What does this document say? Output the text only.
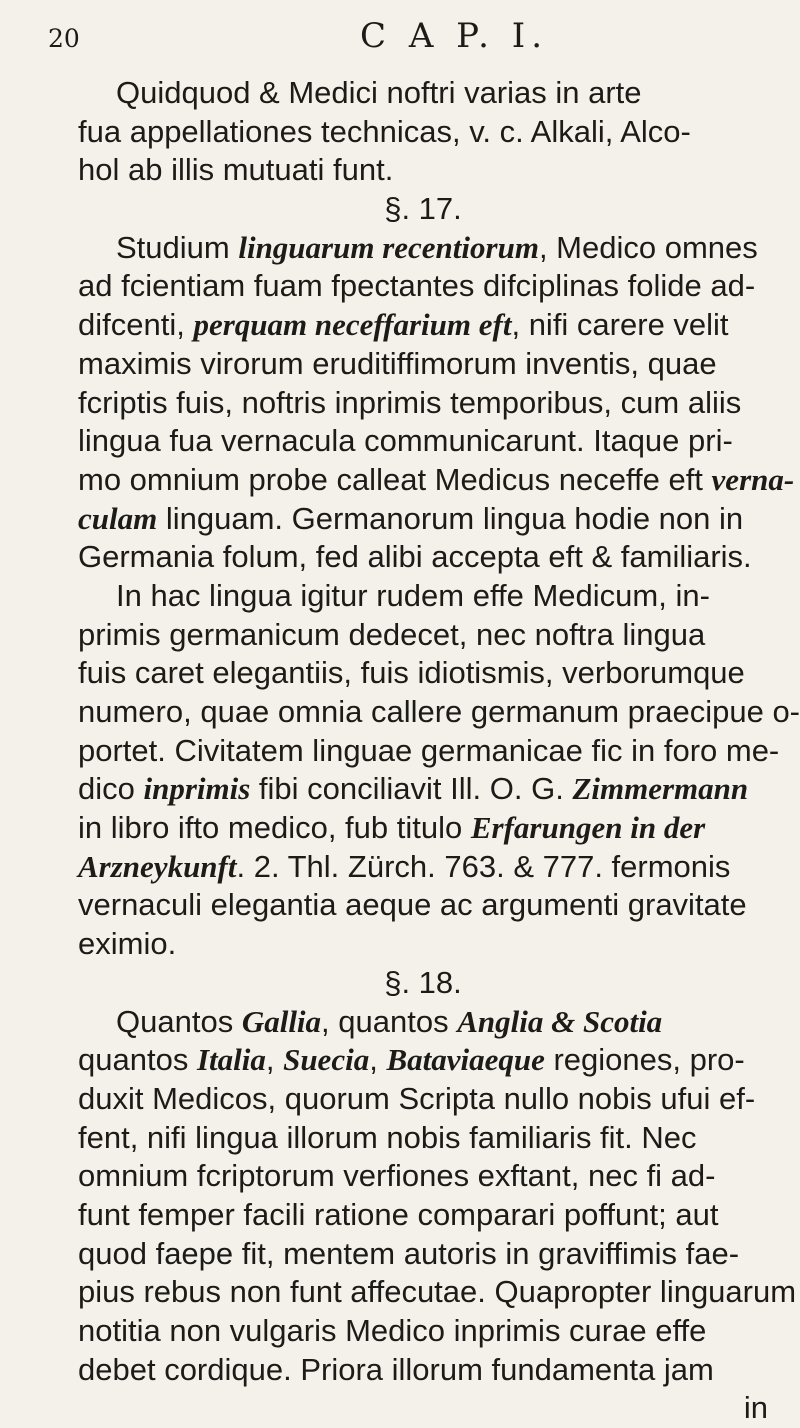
20	C A P. I.
Quidquod & Medici noftri varias in arte
fua appellationes technicas, v. c. Alkali, Alco-
hol ab illis mutuati funt.
§. 17.
Studium linguarum recentiorum, Medico omnes
ad fcientiam fuam fpectantes difciplinas folide ad-
difcenti, perquam neceffarium eft, nifi carere velit
maximis virorum eruditiffimorum inventis, quae
fcriptis fuis, noftris inprimis temporibus, cum aliis
lingua fua vernacula communicarunt. Itaque pri-
mo omnium probe calleat Medicus neceffe eft verna-
culam linguam. Germanorum lingua hodie non in
Germania folum, fed alibi accepta eft & familiaris.
In hac lingua igitur rudem effe Medicum, in-
primis germanicum dedecet, nec noftra lingua
fuis caret elegantiis, fuis idiotismis, verborumque
numero, quae omnia callere germanum praecipue o-
portet. Civitatem linguae germanicae fic in foro me-
dico inprimis fibi conciliavit Ill. O. G. Zimmermann
in libro ifto medico, fub titulo Erfarungen in der
Arzneykunft. 2. Thl. Zürch. 763. & 777. fermonis
vernaculi elegantia aeque ac argumenti gravitate
eximio.
§. 18.
Quantos Gallia, quantos Anglia & Scotia
quantos Italia, Suecia, Bataviaeque regiones, pro-
duxit Medicos, quorum Scripta nullo nobis ufui ef-
fent, nifi lingua illorum nobis familiaris fit. Nec
omnium fcriptorum verfiones exftant, nec fi ad-
funt femper facili ratione comparari poffunt; aut
quod faepe fit, mentem autoris in graviffimis fae-
pius rebus non funt affecutae. Quapropter linguarum
notitia non vulgaris Medico inprimis curae effe
debet cordique. Priora illorum fundamenta jam
in
